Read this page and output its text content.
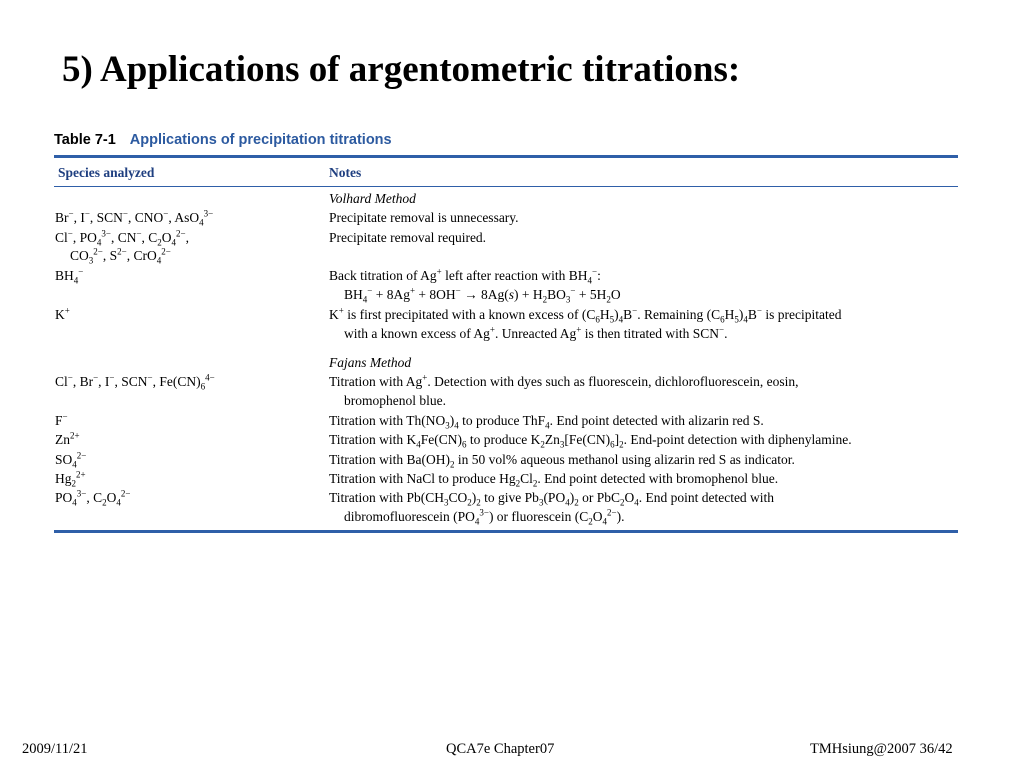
5) Applications of argentometric titrations:
Table 7-1 Applications of precipitation titrations
Species analyzed	Notes
Volhard Method
Br−, I−, SCN−, CNO−, AsO$_4^{3-}$	Precipitate removal is unnecessary.
Cl−, $PO_4^{3-}$, CN−, $C_2O_4^{2-}$,	Precipitate removal required.
$CO_3^{2-}$, $S^{2-}$, CrO$_4^{2-}$
$BH_4^-$	Back titration of Ag+ left after reaction with $BH_4^-$:
$BH_4^- + 8Ag^+ + 8OH^- \to 8Ag(s) + H_2BO_3^- + 5H_2O$
K+	K+ is first precipitated with a known excess of $(C_6H_5)_4B^-$. Remaining $(C_6H_5)_4B^-$ is precipitated
with a known excess of Ag+. Unreacted Ag+ is then titrated with SCN−.
Fajans Method
Cl−, Br−, I−, SCN−, $Fe(CN)_6^{4-}$	Titration with Ag+. Detection with dyes such as fluorescein, dichlorofluorescein, eosin,
bromophenol blue.
F−	Titration with $Th(NO_3)_4$ to produce ThF$_4$. End point detected with alizarin red S.
$Zn^{2+}$	Titration with $K_4Fe(CN)_6$ to produce $K_2Zn_3[Fe(CN)_6]_2$. End-point detection with diphenylamine.
$SO_4^{2-}$	Titration with $Ba(OH)_2$ in 50 vol% aqueous methanol using alizarin red S as indicator.
$Hg_2^{2+}$	Titration with NaCl to produce $Hg_2Cl_2$. End point detected with bromophenol blue.
$PO_4^{3-}$, $C_2O_4^{2-}$	Titration with $Pb(CH_3CO_2)_2$ to give $Pb_3(PO_4)_2$ or $PbC_2O_4$. End point detected with
dibromofluorescein $(PO_4^{3-})$ or fluorescein $(C_2O_4^{2-})$.
2009/11/21	QCA7e Chapter07	TMHsiung@2007 36/42
